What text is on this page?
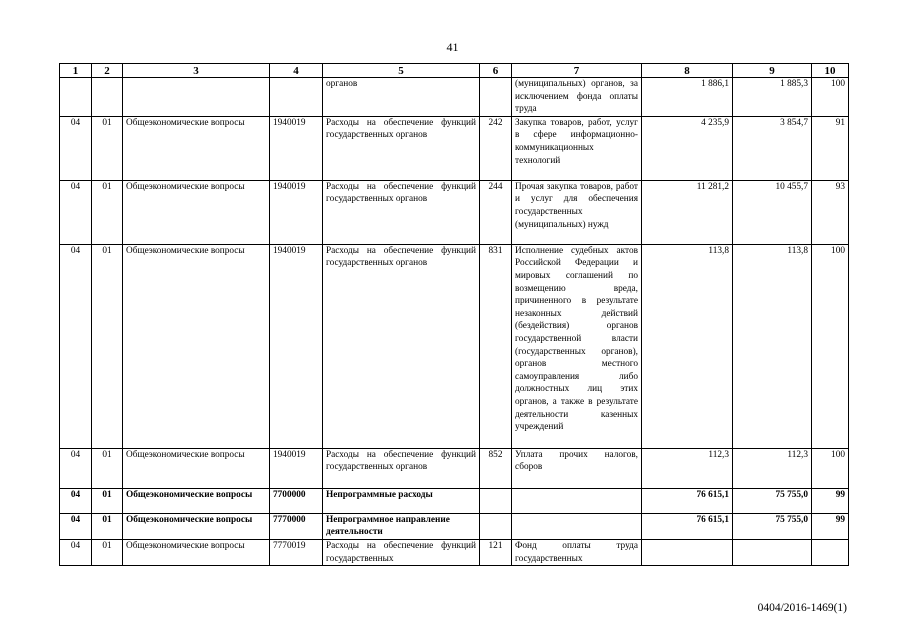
41
1	2	3	4	5	6	7	8	9	10
				органов		(муниципальных) органов, за исключением фонда оплаты труда	1 886,1	1 885,3	100
04	01	Общеэкономические вопросы	1940019	Расходы на обеспечение функций государственных органов	242	Закупка товаров, работ, услуг в сфере информационно-коммуникационных технологий	4 235,9	3 854,7	91
04	01	Общеэкономические вопросы	1940019	Расходы на обеспечение функций государственных органов	244	Прочая закупка товаров, работ и услуг для обеспечения государственных (муниципальных) нужд	11 281,2	10 455,7	93
04	01	Общеэкономические вопросы	1940019	Расходы на обеспечение функций государственных органов	831	Исполнение судебных актов Российской Федерации и мировых соглашений по возмещению вреда, причиненного в результате незаконных действий (бездействия) органов государственной власти (государственных органов), органов местного самоуправления либо должностных лиц этих органов, а также в результате деятельности казенных учреждений	113,8	113,8	100
04	01	Общеэкономические вопросы	1940019	Расходы на обеспечение функций государственных органов	852	Уплата прочих налогов, сборов	112,3	112,3	100
04	01	Общеэкономические вопросы	7700000	Непрограммные расходы			76 615,1	75 755,0	99
04	01	Общеэкономические вопросы	7770000	Непрограммное направление деятельности			76 615,1	75 755,0	99
04	01	Общеэкономические вопросы	7770019	Расходы на обеспечение функций государственных	121	Фонд оплаты труда государственных			
0404/2016-1469(1)
